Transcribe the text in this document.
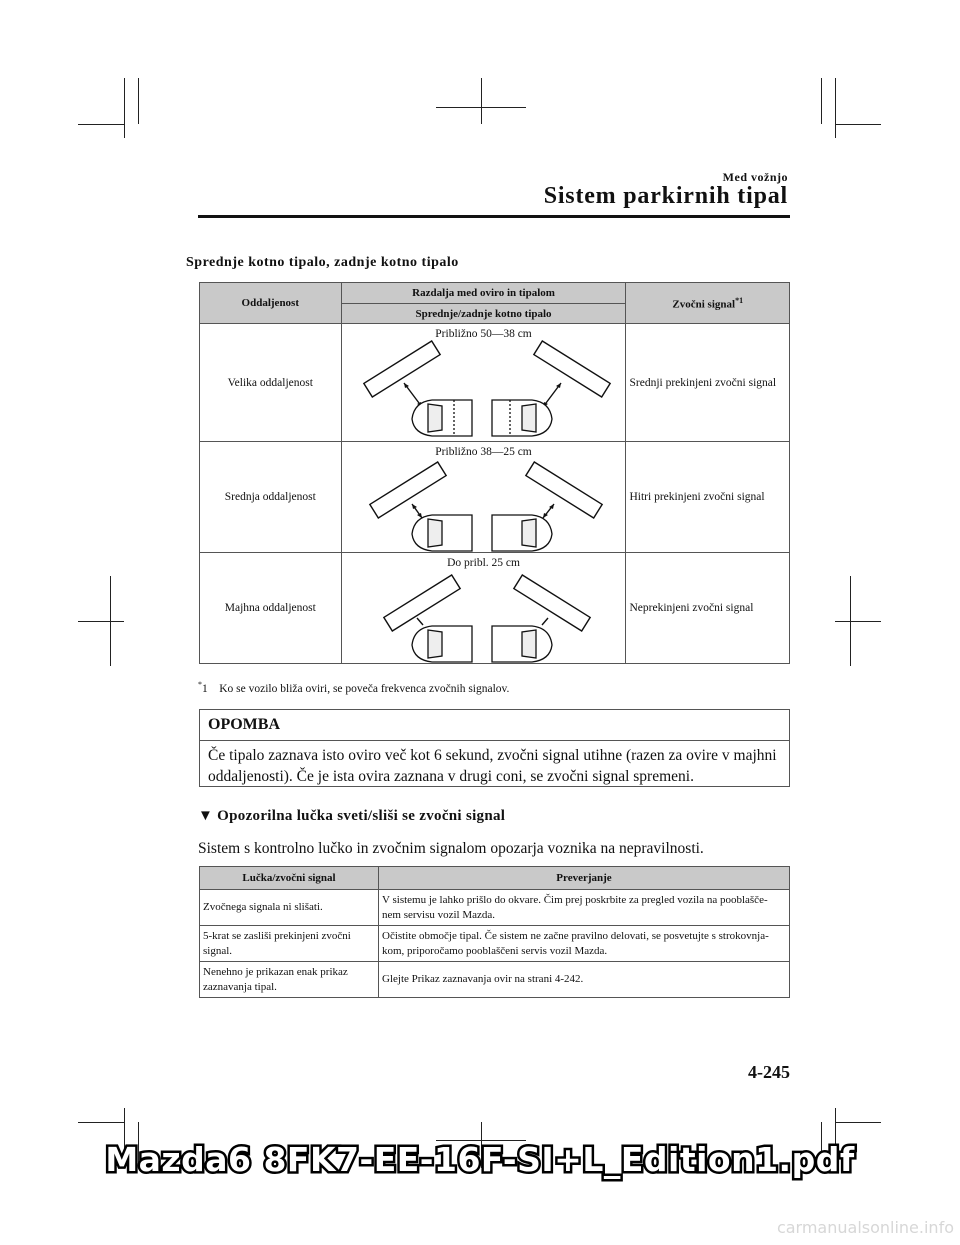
Med vožnjo
Sistem parkirnih tipal
Sprednje kotno tipalo, zadnje kotno tipalo
Oddaljenost	Razdalja med oviro in tipalom	Zvočni signal$^{*1}$
	Sprednje/zadnje kotno tipalo	
Velika oddaljenost	Približno 50—38 cm	Srednji prekinjeni zvočni signal
Srednja oddaljenost	Približno 38—25 cm	Hitri prekinjeni zvočni signal
Majhna oddaljenost	Do pribl. 25 cm	Neprekinjeni zvočni signal
*1 Ko se vozilo bliža oviri, se poveča frekvenca zvočnih signalov.
OPOMBA
Če tipalo zaznava isto oviro več kot 6 sekund, zvočni signal utihne (razen za ovire v majhni oddaljenosti). Če je ista ovira zaznana v drugi coni, se zvočni signal spremeni.
▼ Opozorilna lučka sveti/sliši se zvočni signal
Sistem s kontrolno lučko in zvočnim signalom opozarja voznika na nepravilnosti.
Lučka/zvočni signal	Preverjanje
Zvočnega signala ni slišati.	V sistemu je lahko prišlo do okvare. Čim prej poskrbite za pregled vozila na pooblašče-nem servisu vozil Mazda.
5-krat se zasliši prekinjeni zvočni signal.	Očistite območje tipal. Če sistem ne začne pravilno delovati, se posvetujte s strokovnja-kom, priporočamo pooblaščeni servis vozil Mazda.
Nenehno je prikazan enak prikaz zaznavanja tipal.	Glejte Prikaz zaznavanja ovir na strani 4-242.
4-245
Mazda6 8FK7-EE-16F-SI+L_Edition1.pdf
carmanualsonline.info
